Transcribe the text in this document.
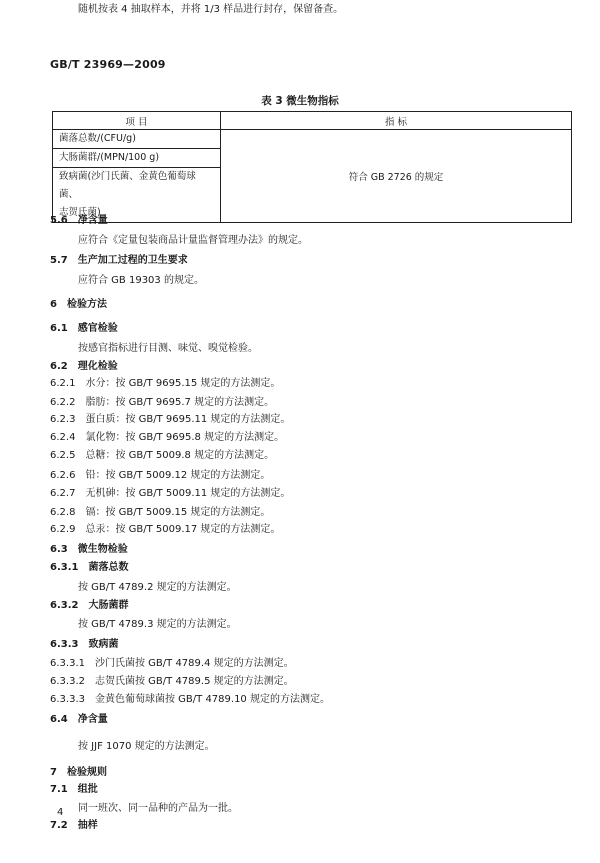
GB/T 23969—2009
表 3 微生物指标
项 目	指 标
菌落总数/(CFU/g)	符合 GB 2726 的规定
大肠菌群/(MPN/100 g)	

致病菌(沙门氏菌、金黄色葡萄球菌、
志贺氏菌)	
5.6 净含量
应符合《定量包装商品计量监督管理办法》的规定。
5.7 生产加工过程的卫生要求
应符合 GB 19303 的规定。
6 检验方法
6.1 感官检验
按感官指标进行目测、味觉、嗅觉检验。
6.2 理化检验
6.2.1 水分：按 GB/T 9695.15 规定的方法测定。
6.2.2 脂肪：按 GB/T 9695.7 规定的方法测定。
6.2.3 蛋白质：按 GB/T 9695.11 规定的方法测定。
6.2.4 氯化物：按 GB/T 9695.8 规定的方法测定。
6.2.5 总糖：按 GB/T 5009.8 规定的方法测定。
6.2.6 铅：按 GB/T 5009.12 规定的方法测定。
6.2.7 无机砷：按 GB/T 5009.11 规定的方法测定。
6.2.8 镉：按 GB/T 5009.15 规定的方法测定。
6.2.9 总汞：按 GB/T 5009.17 规定的方法测定。
6.3 微生物检验
6.3.1 菌落总数
按 GB/T 4789.2 规定的方法测定。
6.3.2 大肠菌群
按 GB/T 4789.3 规定的方法测定。
6.3.3 致病菌
6.3.3.1 沙门氏菌按 GB/T 4789.4 规定的方法测定。
6.3.3.2 志贺氏菌按 GB/T 4789.5 规定的方法测定。
6.3.3.3 金黄色葡萄球菌按 GB/T 4789.10 规定的方法测定。
6.4 净含量
按 JJF 1070 规定的方法测定。
7 检验规则
7.1 组批
同一班次、同一品种的产品为一批。
7.2 抽样
随机按表 4 抽取样本，并将 1/3 样品进行封存，保留备查。
4
